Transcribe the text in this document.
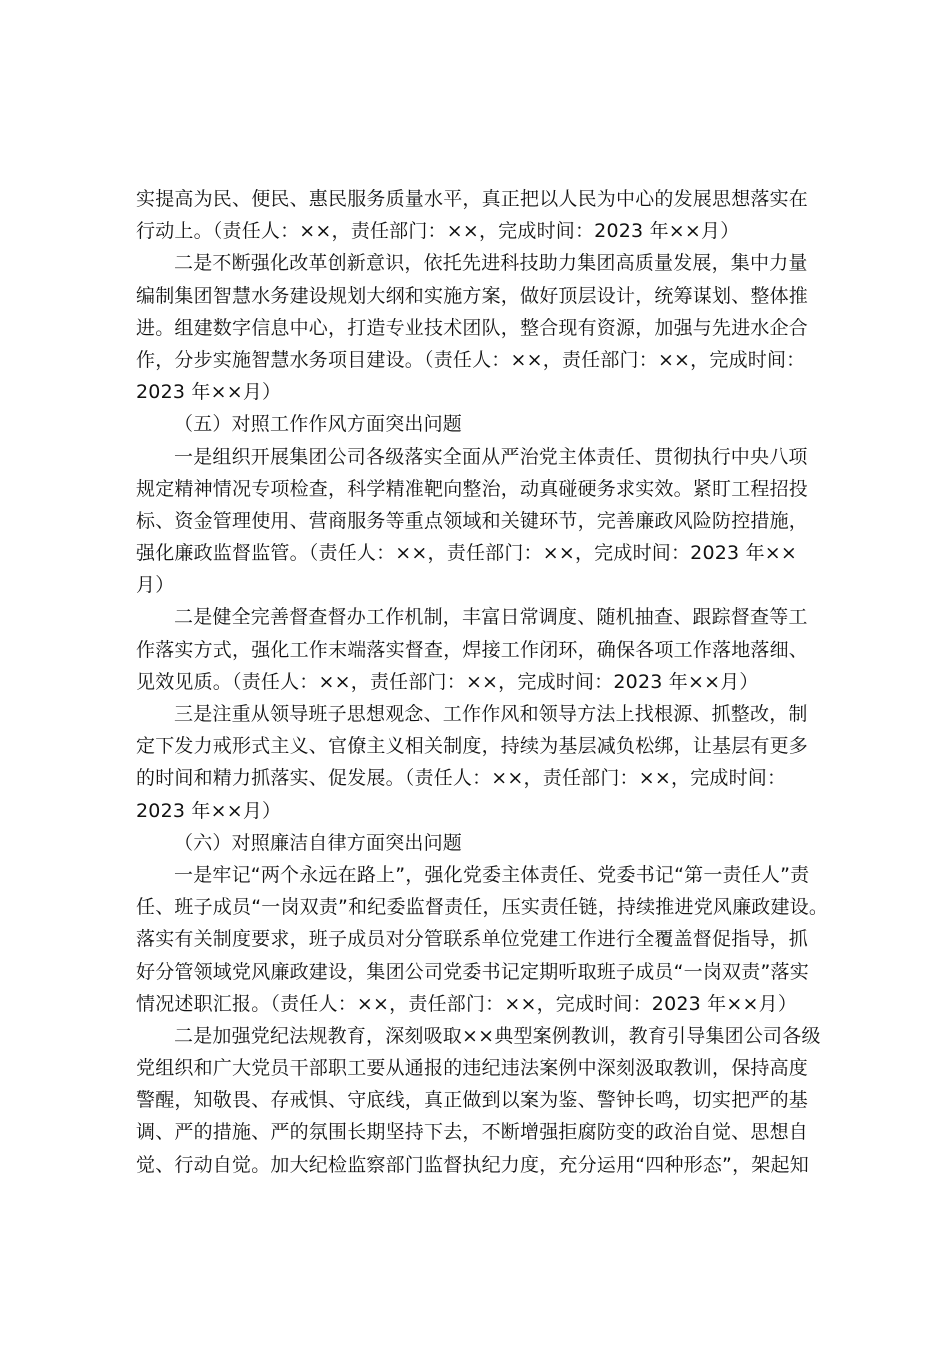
实提高为民、便民、惠民服务质量水平，真正把以人民为中心的发展思想落实在
行动上。（责任人：××，责任部门：××，完成时间：2023 年××月）
二是不断强化改革创新意识，依托先进科技助力集团高质量发展，集中力量
编制集团智慧水务建设规划大纲和实施方案，做好顶层设计，统筹谋划、整体推
进。组建数字信息中心，打造专业技术团队，整合现有资源，加强与先进水企合
作，分步实施智慧水务项目建设。（责任人：××，责任部门：××，完成时间：
2023 年××月）
（五）对照工作作风方面突出问题
一是组织开展集团公司各级落实全面从严治党主体责任、贯彻执行中央八项
规定精神情况专项检查，科学精准靶向整治，动真碰硬务求实效。紧盯工程招投
标、资金管理使用、营商服务等重点领域和关键环节，完善廉政风险防控措施，
强化廉政监督监管。（责任人：××，责任部门：××，完成时间：2023 年××
月）
二是健全完善督查督办工作机制，丰富日常调度、随机抽查、跟踪督查等工
作落实方式，强化工作末端落实督查，焊接工作闭环，确保各项工作落地落细、
见效见质。（责任人：××，责任部门：××，完成时间：2023 年××月）
三是注重从领导班子思想观念、工作作风和领导方法上找根源、抓整改，制
定下发力戒形式主义、官僚主义相关制度，持续为基层减负松绑，让基层有更多
的时间和精力抓落实、促发展。（责任人：××，责任部门：××，完成时间：
2023 年××月）
（六）对照廉洁自律方面突出问题
一是牢记“两个永远在路上”，强化党委主体责任、党委书记“第一责任人”责
任、班子成员“一岗双责”和纪委监督责任，压实责任链，持续推进党风廉政建设。
落实有关制度要求，班子成员对分管联系单位党建工作进行全覆盖督促指导，抓
好分管领域党风廉政建设，集团公司党委书记定期听取班子成员“一岗双责”落实
情况述职汇报。（责任人：××，责任部门：××，完成时间：2023 年××月）
二是加强党纪法规教育，深刻吸取××典型案例教训，教育引导集团公司各级
党组织和广大党员干部职工要从通报的违纪违法案例中深刻汲取教训，保持高度
警醒，知敬畏、存戒惧、守底线，真正做到以案为鉴、警钟长鸣，切实把严的基
调、严的措施、严的氛围长期坚持下去，不断增强拒腐防变的政治自觉、思想自
觉、行动自觉。加大纪检监察部门监督执纪力度，充分运用“四种形态”，架起知
